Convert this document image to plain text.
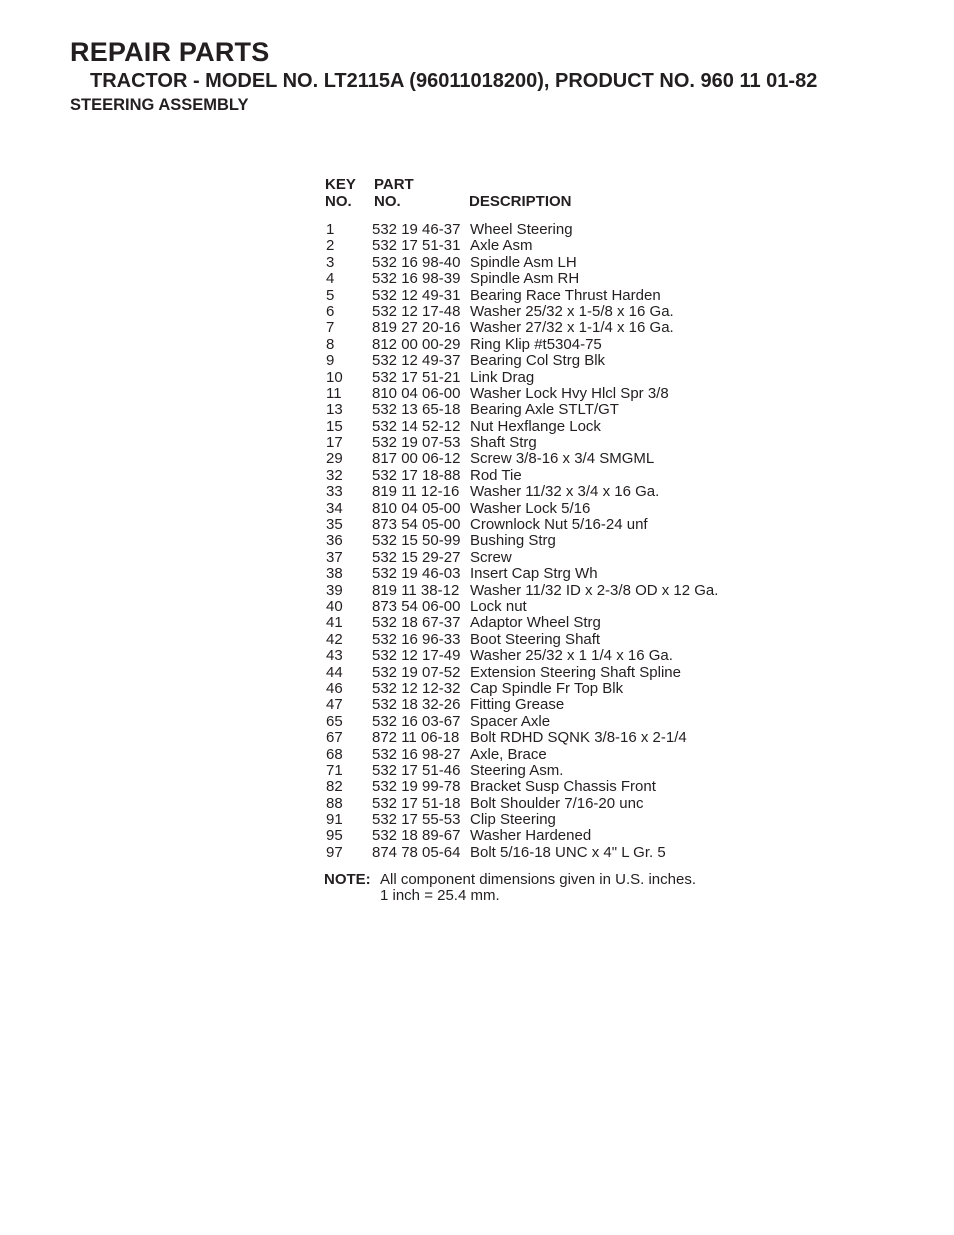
REPAIR PARTS
TRACTOR - MODEL NO. LT2115A (96011018200), PRODUCT NO. 960 11 01-82
STEERING ASSEMBLY
KEY
NO.
PART
NO.	DESCRIPTION
1	532 19 46-37 Wheel Steering
2	532 17 51-31 Axle Asm
3	532 16 98-40 Spindle Asm LH
4	532 16 98-39 Spindle Asm RH
5	532 12 49-31 Bearing Race Thrust Harden
6	532 12 17-48 Washer 25/32 x 1-5/8 x 16 Ga.
7	819 27 20-16 Washer 27/32 x 1-1/4 x 16 Ga.
8	812 00 00-29 Ring Klip #t5304-75
9	532 12 49-37 Bearing Col Strg Blk
10 532 17 51-21 Link Drag
11 810 04 06-00 Washer Lock Hvy Hlcl Spr 3/8
13 532 13 65-18 Bearing Axle STLT/GT
15 532 14 52-12 Nut Hexflange Lock
17 532 19 07-53 Shaft Strg
29 817 00 06-12 Screw 3/8-16 x 3/4 SMGML
32 532 17 18-88 Rod Tie
33 819 11 12-16 Washer 11/32 x 3/4 x 16 Ga.
34 810 04 05-00 Washer Lock 5/16
35 873 54 05-00 Crownlock Nut 5/16-24 unf
36 532 15 50-99 Bushing Strg
37 532 15 29-27 Screw
38 532 19 46-03 Insert Cap Strg Wh
39 819 11 38-12 Washer 11/32 ID x 2-3/8 OD x 12 Ga.
40 873 54 06-00 Lock nut
41 532 18 67-37 Adaptor Wheel Strg
42 532 16 96-33 Boot Steering Shaft
43 532 12 17-49 Washer 25/32 x 1 1/4 x 16 Ga.
44 532 19 07-52 Extension Steering Shaft Spline
46 532 12 12-32 Cap Spindle Fr Top Blk
47 532 18 32-26 Fitting Grease
65 532 16 03-67 Spacer Axle
67 872 11 06-18 Bolt RDHD SQNK 3/8-16 x 2-1/4
68 532 16 98-27 Axle, Brace
71 532 17 51-46 Steering Asm.
82 532 19 99-78 Bracket Susp Chassis Front
88 532 17 51-18 Bolt Shoulder 7/16-20 unc
91 532 17 55-53 Clip Steering
95 532 18 89-67 Washer Hardened
97 874 78 05-64 Bolt 5/16-18 UNC x 4" L Gr. 5
NOTE: All component dimensions given in U.S. inches.
1 inch = 25.4 mm.
